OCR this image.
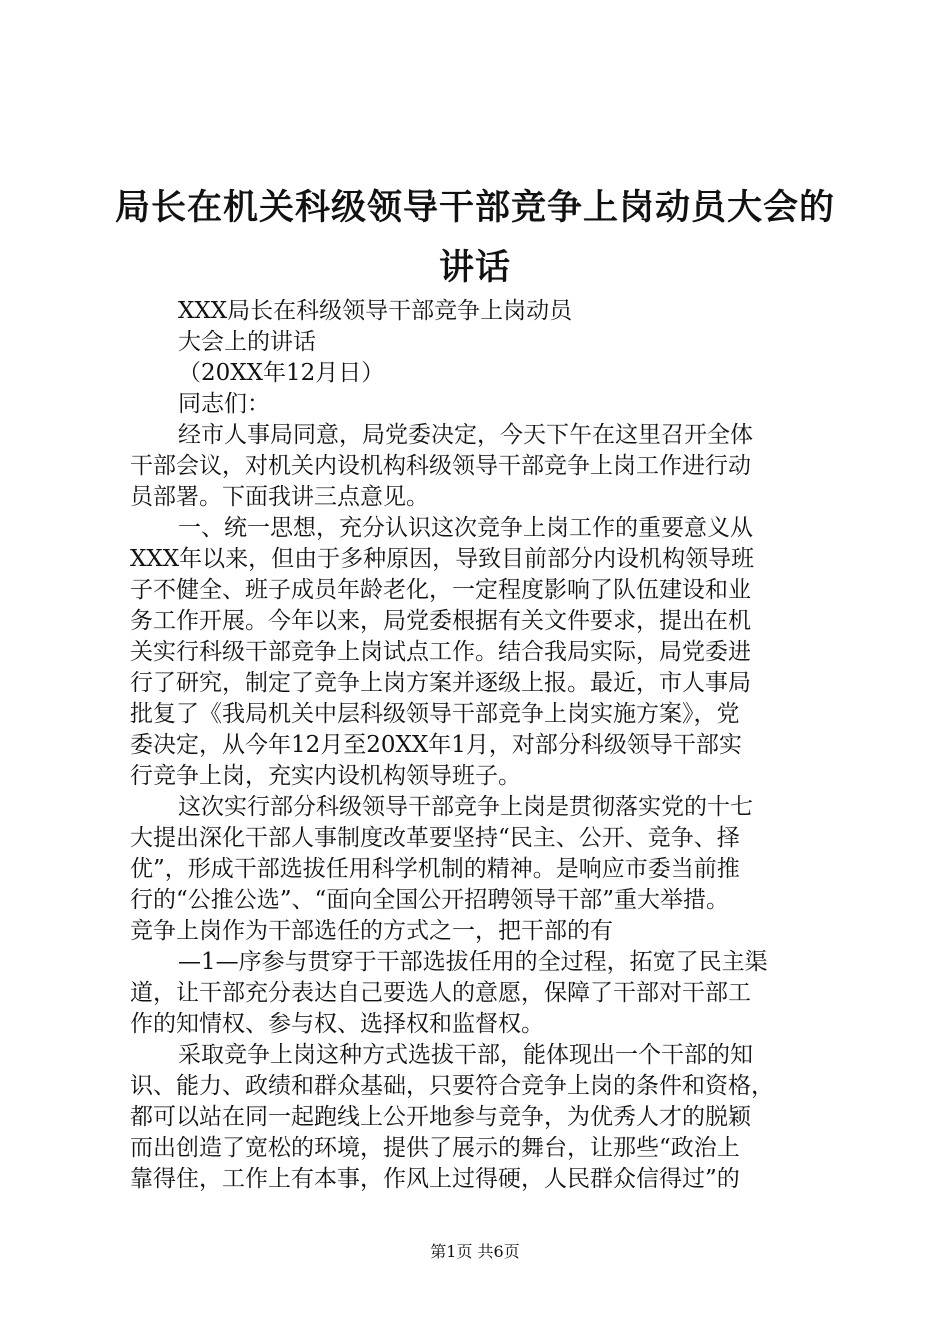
局长在机关科级领导干部竞争上岗动员大会的
讲话
XXX局长在科级领导干部竞争上岗动员
大会上的讲话
（20XX年12月日）
同志们：
经市人事局同意，局党委决定，今天下午在这里召开全体
干部会议，对机关内设机构科级领导干部竞争上岗工作进行动
员部署。下面我讲三点意见。
一、统一思想，充分认识这次竞争上岗工作的重要意义从
XXX年以来，但由于多种原因，导致目前部分内设机构领导班
子不健全、班子成员年龄老化，一定程度影响了队伍建设和业
务工作开展。今年以来，局党委根据有关文件要求，提出在机
关实行科级干部竞争上岗试点工作。结合我局实际，局党委进
行了研究，制定了竞争上岗方案并逐级上报。最近，市人事局
批复了《我局机关中层科级领导干部竞争上岗实施方案》，党
委决定，从今年12月至20XX年1月，对部分科级领导干部实
行竞争上岗，充实内设机构领导班子。
这次实行部分科级领导干部竞争上岗是贯彻落实党的十七
大提出深化干部人事制度改革要坚持“民主、公开、竞争、择
优”，形成干部选拔任用科学机制的精神。是响应市委当前推
行的“公推公选”、“面向全国公开招聘领导干部”重大举措。
竞争上岗作为干部选任的方式之一，把干部的有
—1—序参与贯穿于干部选拔任用的全过程，拓宽了民主渠
道，让干部充分表达自己要选人的意愿，保障了干部对干部工
作的知情权、参与权、选择权和监督权。
采取竞争上岗这种方式选拔干部，能体现出一个干部的知
识、能力、政绩和群众基础，只要符合竞争上岗的条件和资格，
都可以站在同一起跑线上公开地参与竞争，为优秀人才的脱颖
而出创造了宽松的环境，提供了展示的舞台，让那些“政治上
靠得住，工作上有本事，作风上过得硬，人民群众信得过”的
第1页 共6页
